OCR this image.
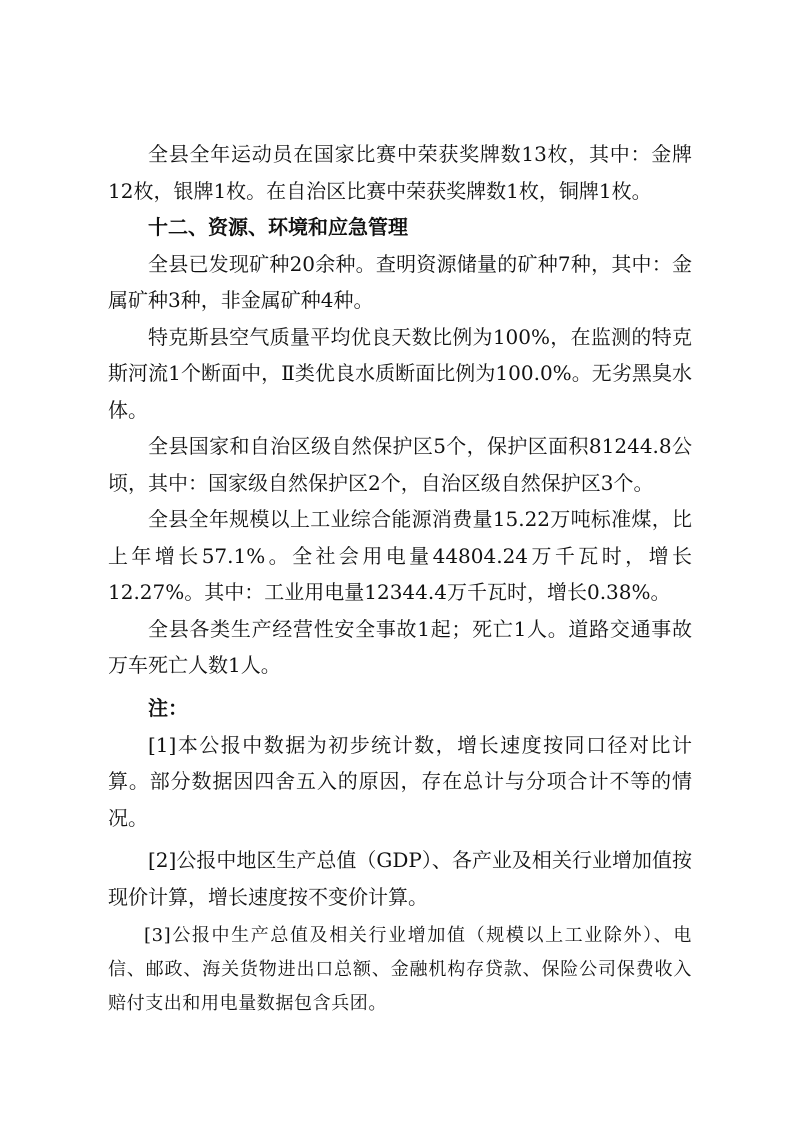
全县全年运动员在国家比赛中荣获奖牌数13枚，其中：金牌12枚，银牌1枚。在自治区比赛中荣获奖牌数1枚，铜牌1枚。

十二、资源、环境和应急管理

全县已发现矿种20余种。查明资源储量的矿种7种，其中：金属矿种3种，非金属矿种4种。

特克斯县空气质量平均优良天数比例为100%，在监测的特克斯河流1个断面中，Ⅱ类优良水质断面比例为100.0%。无劣黑臭水体。

全县国家和自治区级自然保护区5个，保护区面积81244.8公顷，其中：国家级自然保护区2个，自治区级自然保护区3个。

全县全年规模以上工业综合能源消费量15.22万吨标准煤，比上年增长57.1%。全社会用电量44804.24万千瓦时，增长12.27%。其中：工业用电量12344.4万千瓦时，增长0.38%。

全县各类生产经营性安全事故1起；死亡1人。道路交通事故万车死亡人数1人。

注：

[1]本公报中数据为初步统计数，增长速度按同口径对比计算。部分数据因四舍五入的原因，存在总计与分项合计不等的情况。

[2]公报中地区生产总值（GDP）、各产业及相关行业增加值按现价计算，增长速度按不变价计算。

[3]公报中生产总值及相关行业增加值（规模以上工业除外）、电信、邮政、海关货物进出口总额、金融机构存贷款、保险公司保费收入赔付支出和用电量数据包含兵团。
